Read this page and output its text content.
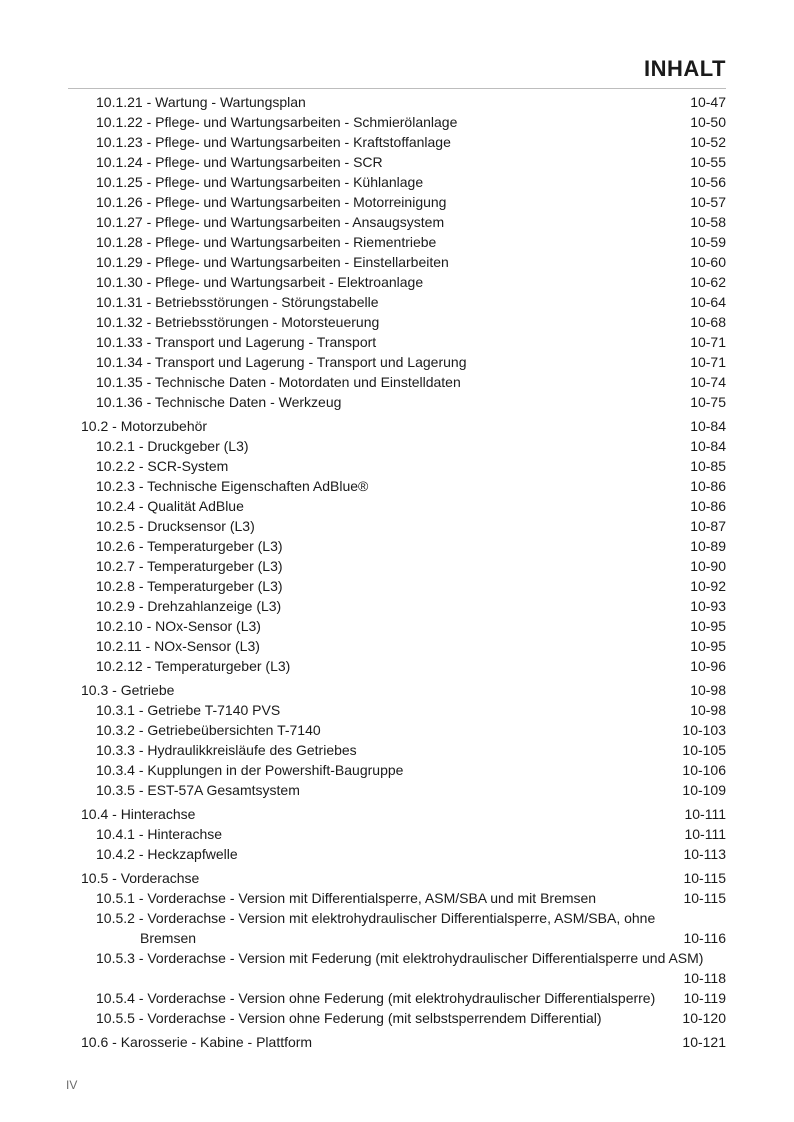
INHALT
10.1.21 - Wartung - Wartungsplan	10-47
10.1.22 - Pflege- und Wartungsarbeiten - Schmierölanlage	10-50
10.1.23 - Pflege- und Wartungsarbeiten - Kraftstoffanlage	10-52
10.1.24 - Pflege- und Wartungsarbeiten - SCR	10-55
10.1.25 - Pflege- und Wartungsarbeiten - Kühlanlage	10-56
10.1.26 - Pflege- und Wartungsarbeiten - Motorreinigung	10-57
10.1.27 - Pflege- und Wartungsarbeiten - Ansaugsystem	10-58
10.1.28 - Pflege- und Wartungsarbeiten - Riementriebe	10-59
10.1.29 - Pflege- und Wartungsarbeiten - Einstellarbeiten	10-60
10.1.30 - Pflege- und Wartungsarbeit - Elektroanlage	10-62
10.1.31 - Betriebsstörungen - Störungstabelle	10-64
10.1.32 - Betriebsstörungen - Motorsteuerung	10-68
10.1.33 - Transport und Lagerung - Transport	10-71
10.1.34 - Transport und Lagerung - Transport und Lagerung	10-71
10.1.35 - Technische Daten - Motordaten und Einstelldaten	10-74
10.1.36 - Technische Daten - Werkzeug	10-75
10.2 - Motorzubehör	10-84
10.2.1 - Druckgeber (L3)	10-84
10.2.2 - SCR-System	10-85
10.2.3 - Technische Eigenschaften AdBlue®	10-86
10.2.4 - Qualität AdBlue	10-86
10.2.5 - Drucksensor (L3)	10-87
10.2.6 - Temperaturgeber (L3)	10-89
10.2.7 - Temperaturgeber (L3)	10-90
10.2.8 - Temperaturgeber (L3)	10-92
10.2.9 - Drehzahlanzeige (L3)	10-93
10.2.10 - NOx-Sensor (L3)	10-95
10.2.11 - NOx-Sensor (L3)	10-95
10.2.12 - Temperaturgeber (L3)	10-96
10.3 - Getriebe	10-98
10.3.1 - Getriebe T-7140 PVS	10-98
10.3.2 - Getriebeübersichten T-7140	10-103
10.3.3 - Hydraulikkreisläufe des Getriebes	10-105
10.3.4 - Kupplungen in der Powershift-Baugruppe	10-106
10.3.5 - EST-57A Gesamtsystem	10-109
10.4 - Hinterachse	10-111
10.4.1 - Hinterachse	10-111
10.4.2 - Heckzapfwelle	10-113
10.5 - Vorderachse	10-115
10.5.1 - Vorderachse - Version mit Differentialsperre, ASM/SBA und mit Bremsen	10-115
10.5.2 - Vorderachse - Version mit elektrohydraulischer Differentialsperre, ASM/SBA, ohne
Bremsen	10-116
10.5.3 - Vorderachse - Version mit Federung (mit elektrohydraulischer Differentialsperre und ASM)
10-118
10.5.4 - Vorderachse - Version ohne Federung (mit elektrohydraulischer Differentialsperre) 10-119
10.5.5 - Vorderachse - Version ohne Federung (mit selbstsperrendem Differential)	10-120
10.6 - Karosserie - Kabine - Plattform	10-121
IV
